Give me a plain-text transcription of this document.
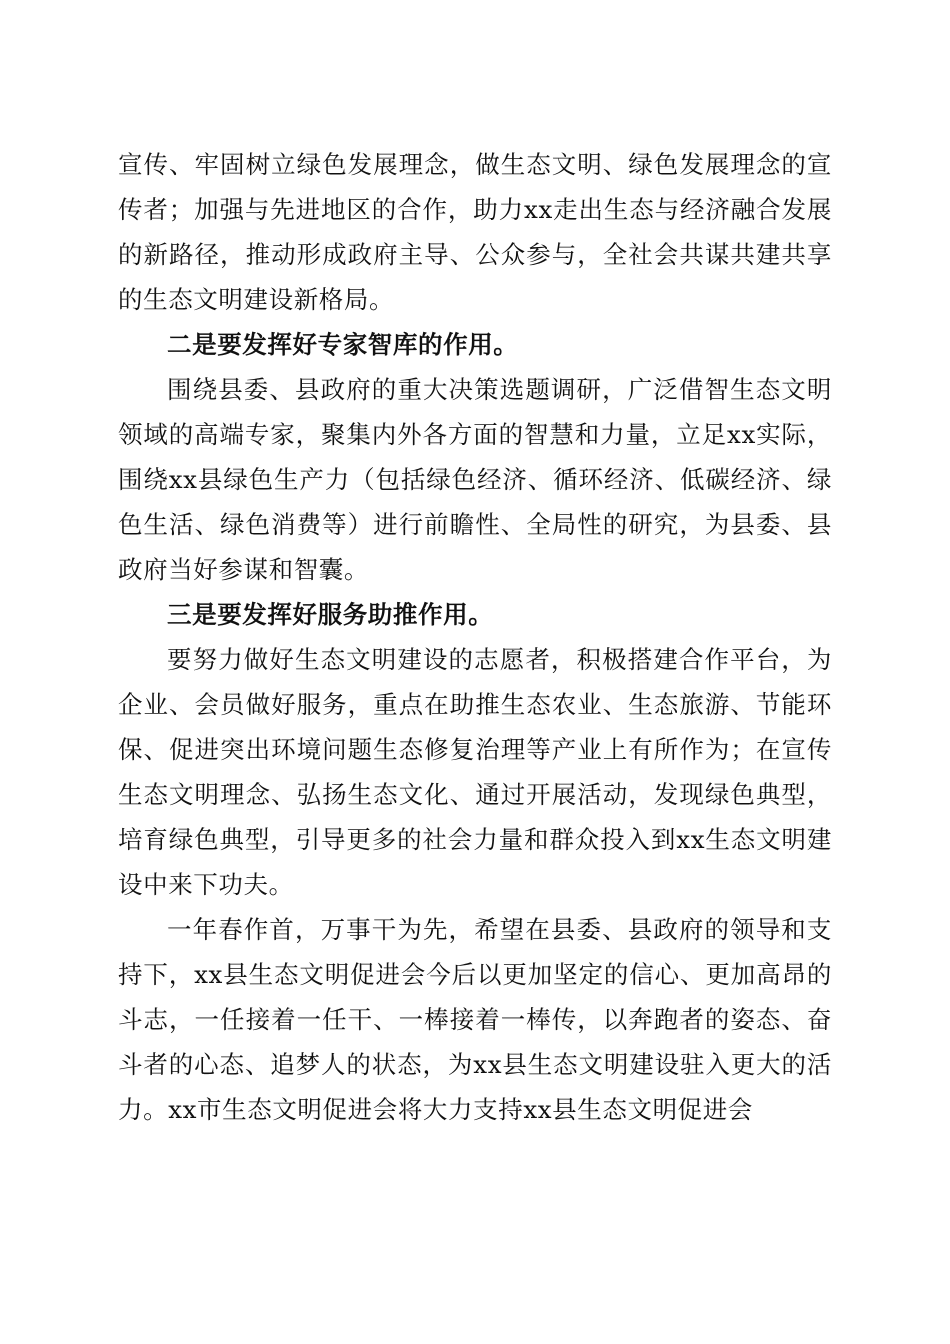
宣传、牢固树立绿色发展理念，做生态文明、绿色发展理念的宣传者；加强与先进地区的合作，助力xx走出生态与经济融合发展的新路径，推动形成政府主导、公众参与，全社会共谋共建共享的生态文明建设新格局。

二是要发挥好专家智库的作用。

围绕县委、县政府的重大决策选题调研，广泛借智生态文明领域的高端专家，聚集内外各方面的智慧和力量，立足xx实际，围绕xx县绿色生产力（包括绿色经济、循环经济、低碳经济、绿色生活、绿色消费等）进行前瞻性、全局性的研究，为县委、县政府当好参谋和智囊。

三是要发挥好服务助推作用。

要努力做好生态文明建设的志愿者，积极搭建合作平台，为企业、会员做好服务，重点在助推生态农业、生态旅游、节能环保、促进突出环境问题生态修复治理等产业上有所作为；在宣传生态文明理念、弘扬生态文化、通过开展活动，发现绿色典型，培育绿色典型，引导更多的社会力量和群众投入到xx生态文明建设中来下功夫。

一年春作首，万事干为先，希望在县委、县政府的领导和支持下，xx县生态文明促进会今后以更加坚定的信心、更加高昂的斗志，一任接着一任干、一棒接着一棒传，以奔跑者的姿态、奋斗者的心态、追梦人的状态，为xx县生态文明建设驻入更大的活力。xx市生态文明促进会将大力支持xx县生态文明促进会
